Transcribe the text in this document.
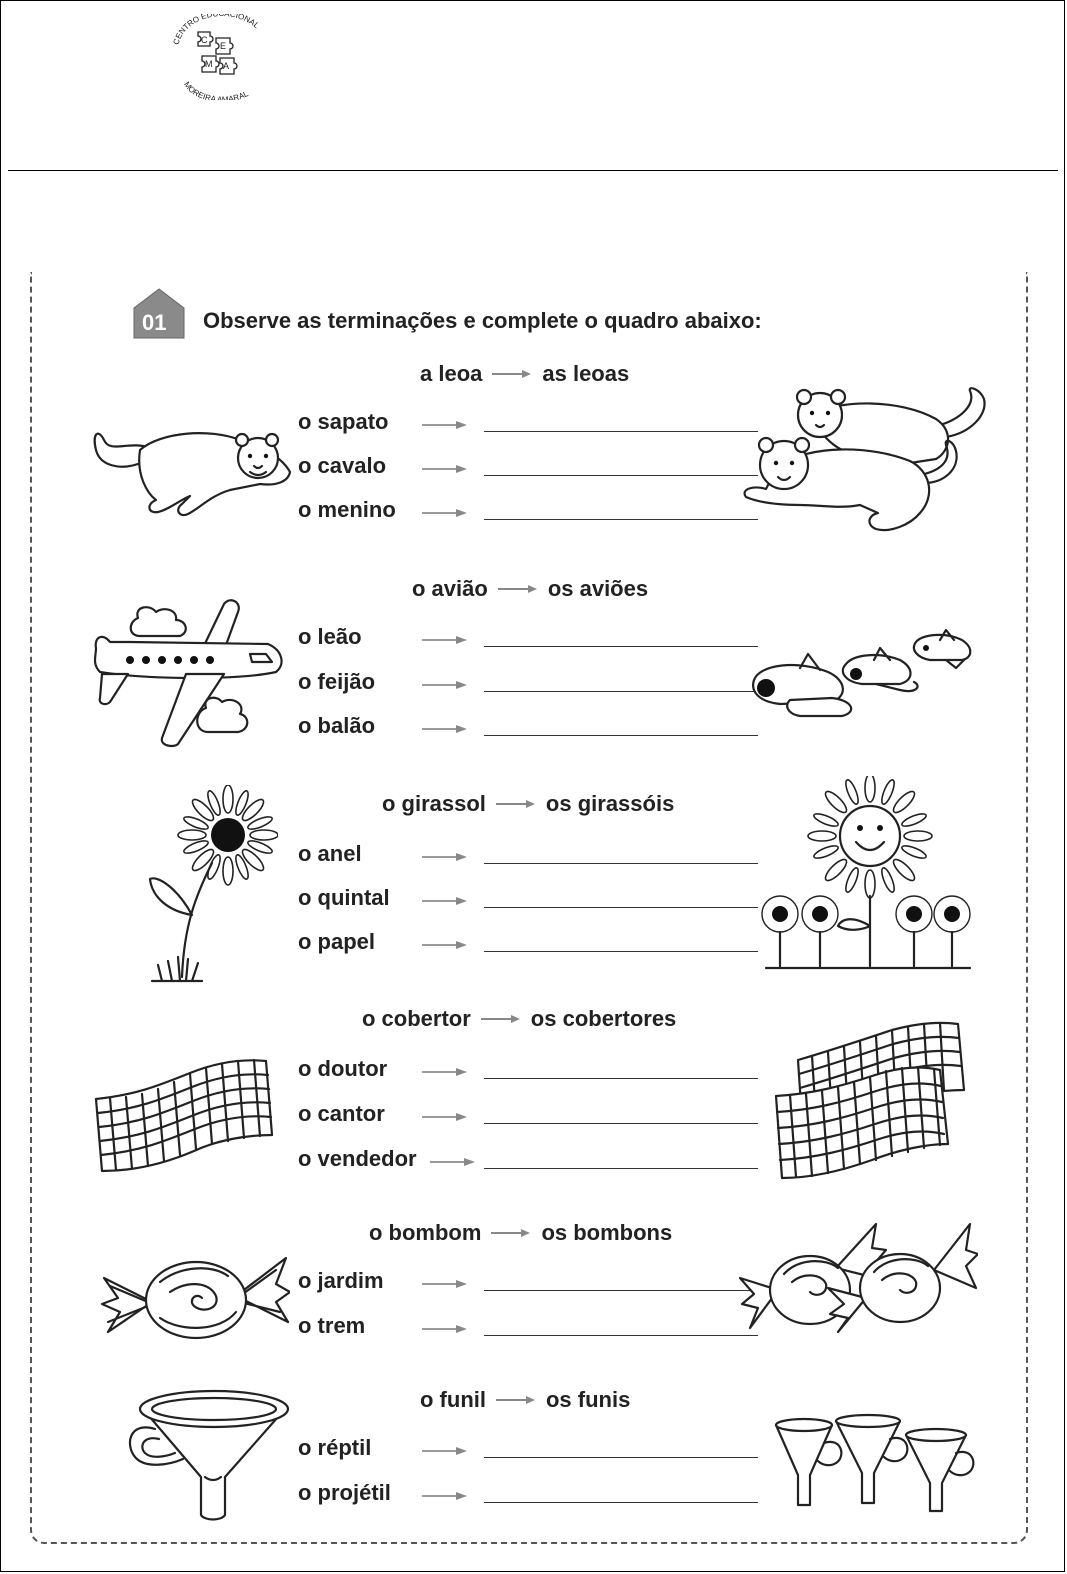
CENTRO ED CIONAL
MOREIRA AMARAL
C
E
M A
01 Observe as terminações e complete o quadro abaixo:
a leoa	as leoas
o avião	os aviões
o girassol	os girassóis
o cobertor	os cobertores
o bombom	os bombons
o funil	os funis
o sapato
o cavalo
o menino
o leão
o feijão
o balão
o anel
o quintal
o papel
o doutor
o cantor
o vendedor
o jardim
o trem
o réptil
o projétil
